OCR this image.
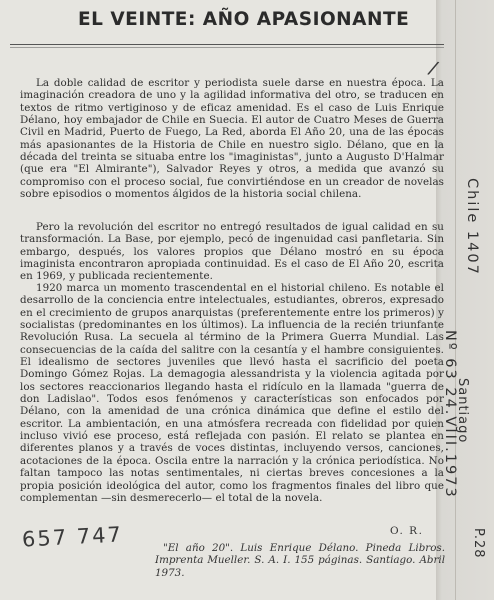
EL VEINTE: AÑO APASIONANTE

La doble calidad de escritor y periodista suele darse en nuestra época. La imaginación creadora de uno y la agilidad informativa del otro, se traducen en textos de ritmo vertiginoso y de eficaz amenidad. Es el caso de Luis Enrique Délano, hoy embajador de Chile en Suecia. El autor de Cuatro Meses de Guerra Civil en Madrid, Puerto de Fuego, La Red, aborda El Año 20, una de las épocas más apasionantes de la Historia de Chile en nuestro siglo. Délano, que en la década del treinta se situaba entre los "imaginistas", junto a Augusto D'Halmar (que era "El Almirante"), Salvador Reyes y otros, a medida que avanzó su compromiso con el proceso social, fue convirtiéndose en un creador de novelas sobre episodios o momentos álgidos de la historia social chilena.

Pero la revolución del escritor no entregó resultados de igual calidad en su transformación. La Base, por ejemplo, pecó de ingenuidad casi panfletaria. Sin embargo, después, los valores propios que Délano mostró en su época imaginista encontraron apropiada continuidad. Es el caso de El Año 20, escrita en 1969, y publicada recientemente.

1920 marca un momento trascendental en el historial chileno. Es notable el desarrollo de la conciencia entre intelectuales, estudiantes, obreros, expresado en el crecimiento de grupos anarquistas (preferentemente entre los primeros) y socialistas (predominantes en los últimos). La influencia de la recién triunfante Revolución Rusa. La secuela al término de la Primera Guerra Mundial. Las consecuencias de la caída del salitre con la cesantía y el hambre consiguientes. El idealismo de sectores juveniles que llevó hasta el sacrificio del poeta Domingo Gómez Rojas. La demagogia alessandrista y la violencia agitada por los sectores reaccionarios llegando hasta el ridículo en la llamada "guerra de don Ladislao". Todos esos fenómenos y características son enfocados por Délano, con la amenidad de una crónica dinámica que define el estilo del escritor. La ambientación, en una atmósfera recreada con fidelidad por quien incluso vivió ese proceso, está reflejada con pasión. El relato se plantea en diferentes planos y a través de voces distintas, incluyendo versos, canciones, acotaciones de la época. Oscila entre la narración y la crónica periodística. No faltan tampoco las notas sentimentales, ni ciertas breves concesiones a la propia posición ideológica del autor, como los fragmentos finales del libro que complementan —sin desmerecerlo— el total de la novela.

O. R.

"El año 20". Luis Enrique Délano. Pineda Libros. Imprenta Mueller. S. A. I. 155 páginas. Santiago. Abril 1973.

657 747
/
Chile 1407
Nº 63 24.VIII.1973
Santiago
P.28
